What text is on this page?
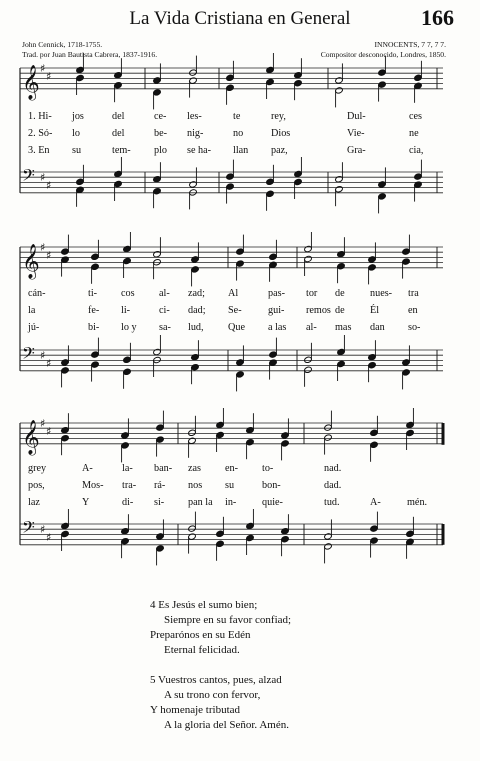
La Vida Cristiana en General	166
John Cennick, 1718-1755.
Trad. por Juan Bautista Cabrera, 1837-1916.
INNOCENTS, 7 7, 7 7.
Compositor desconocido, Londres, 1850.
𝄞 ♯
♯
𝄢 ♯
♯
𝄞 ♯
♯
𝄢 ♯
♯
𝄞 ♯
♯
𝄢 ♯
♯
1. Hi- jos	del	ce- les-	te	rey,	Dul-	ces
2. Só- lo	del	be- nig-	no	Dios	Vie-	ne
3. En su	tem- plo se ha- llan paz,	Gra-	cia,
cán-	ti- cos al- zad; Al	pas- tor de nues- tra
la	fe- li-	ci- dad; Se-	gui- remos de Él	en
jú-	bi- lo y sa- lud, Que a las al- mas dan so-
grey	A-	la- ban- zas en- to-	nad.
pos,	Mos- tra- rá- nos su	bon-	dad.
laz	Y	di- si- pan la in-	quie-	tud.	A-	mén.
4 Es Jesús el sumo bien;
Siempre en su favor confiad;
Preparónos en su Edén
Eternal felicidad.
5 Vuestros cantos, pues, alzad
A su trono con fervor,
Y homenaje tributad
A la gloria del Señor. Amén.
